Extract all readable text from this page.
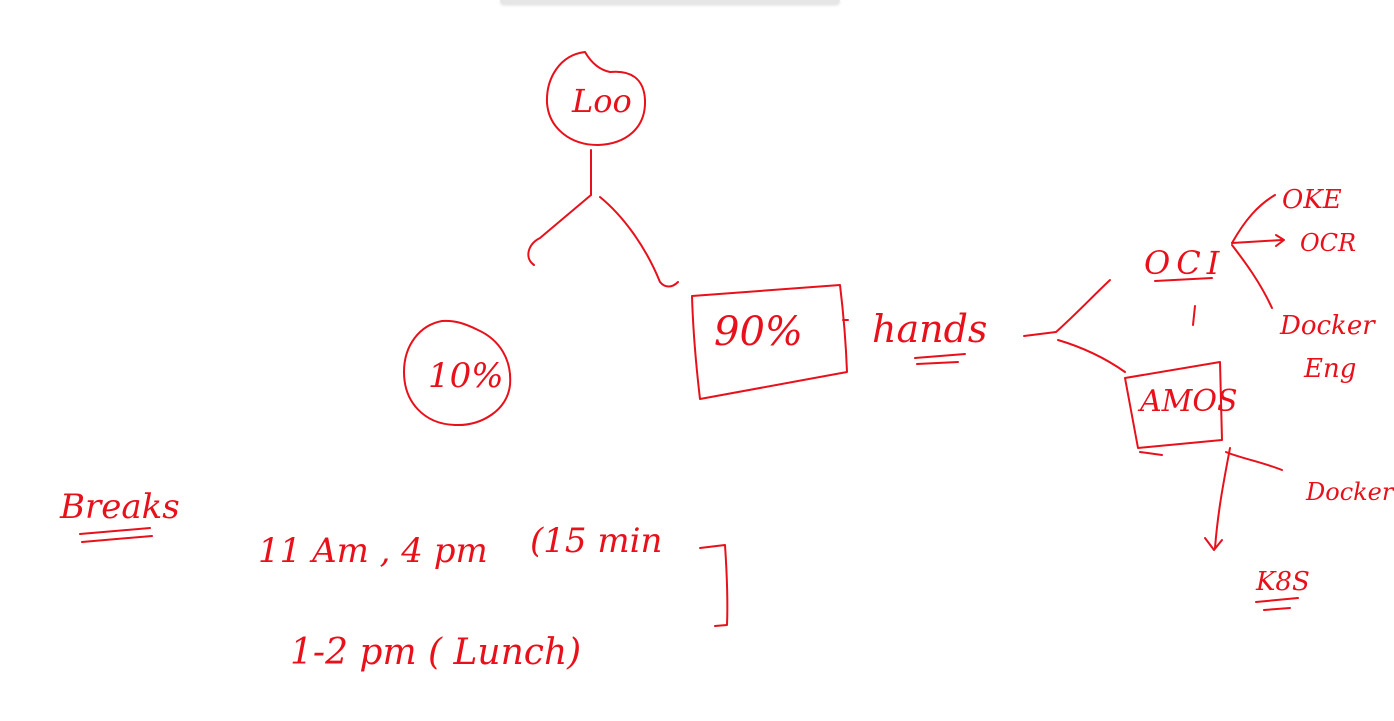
Loo
10%
90% hands
OCI
OKE
OCR
Docker
Eng
AMOS
Docker
K8S
Breaks
11 Am , 4 pm (15 min
1-2 pm ( Lunch)
